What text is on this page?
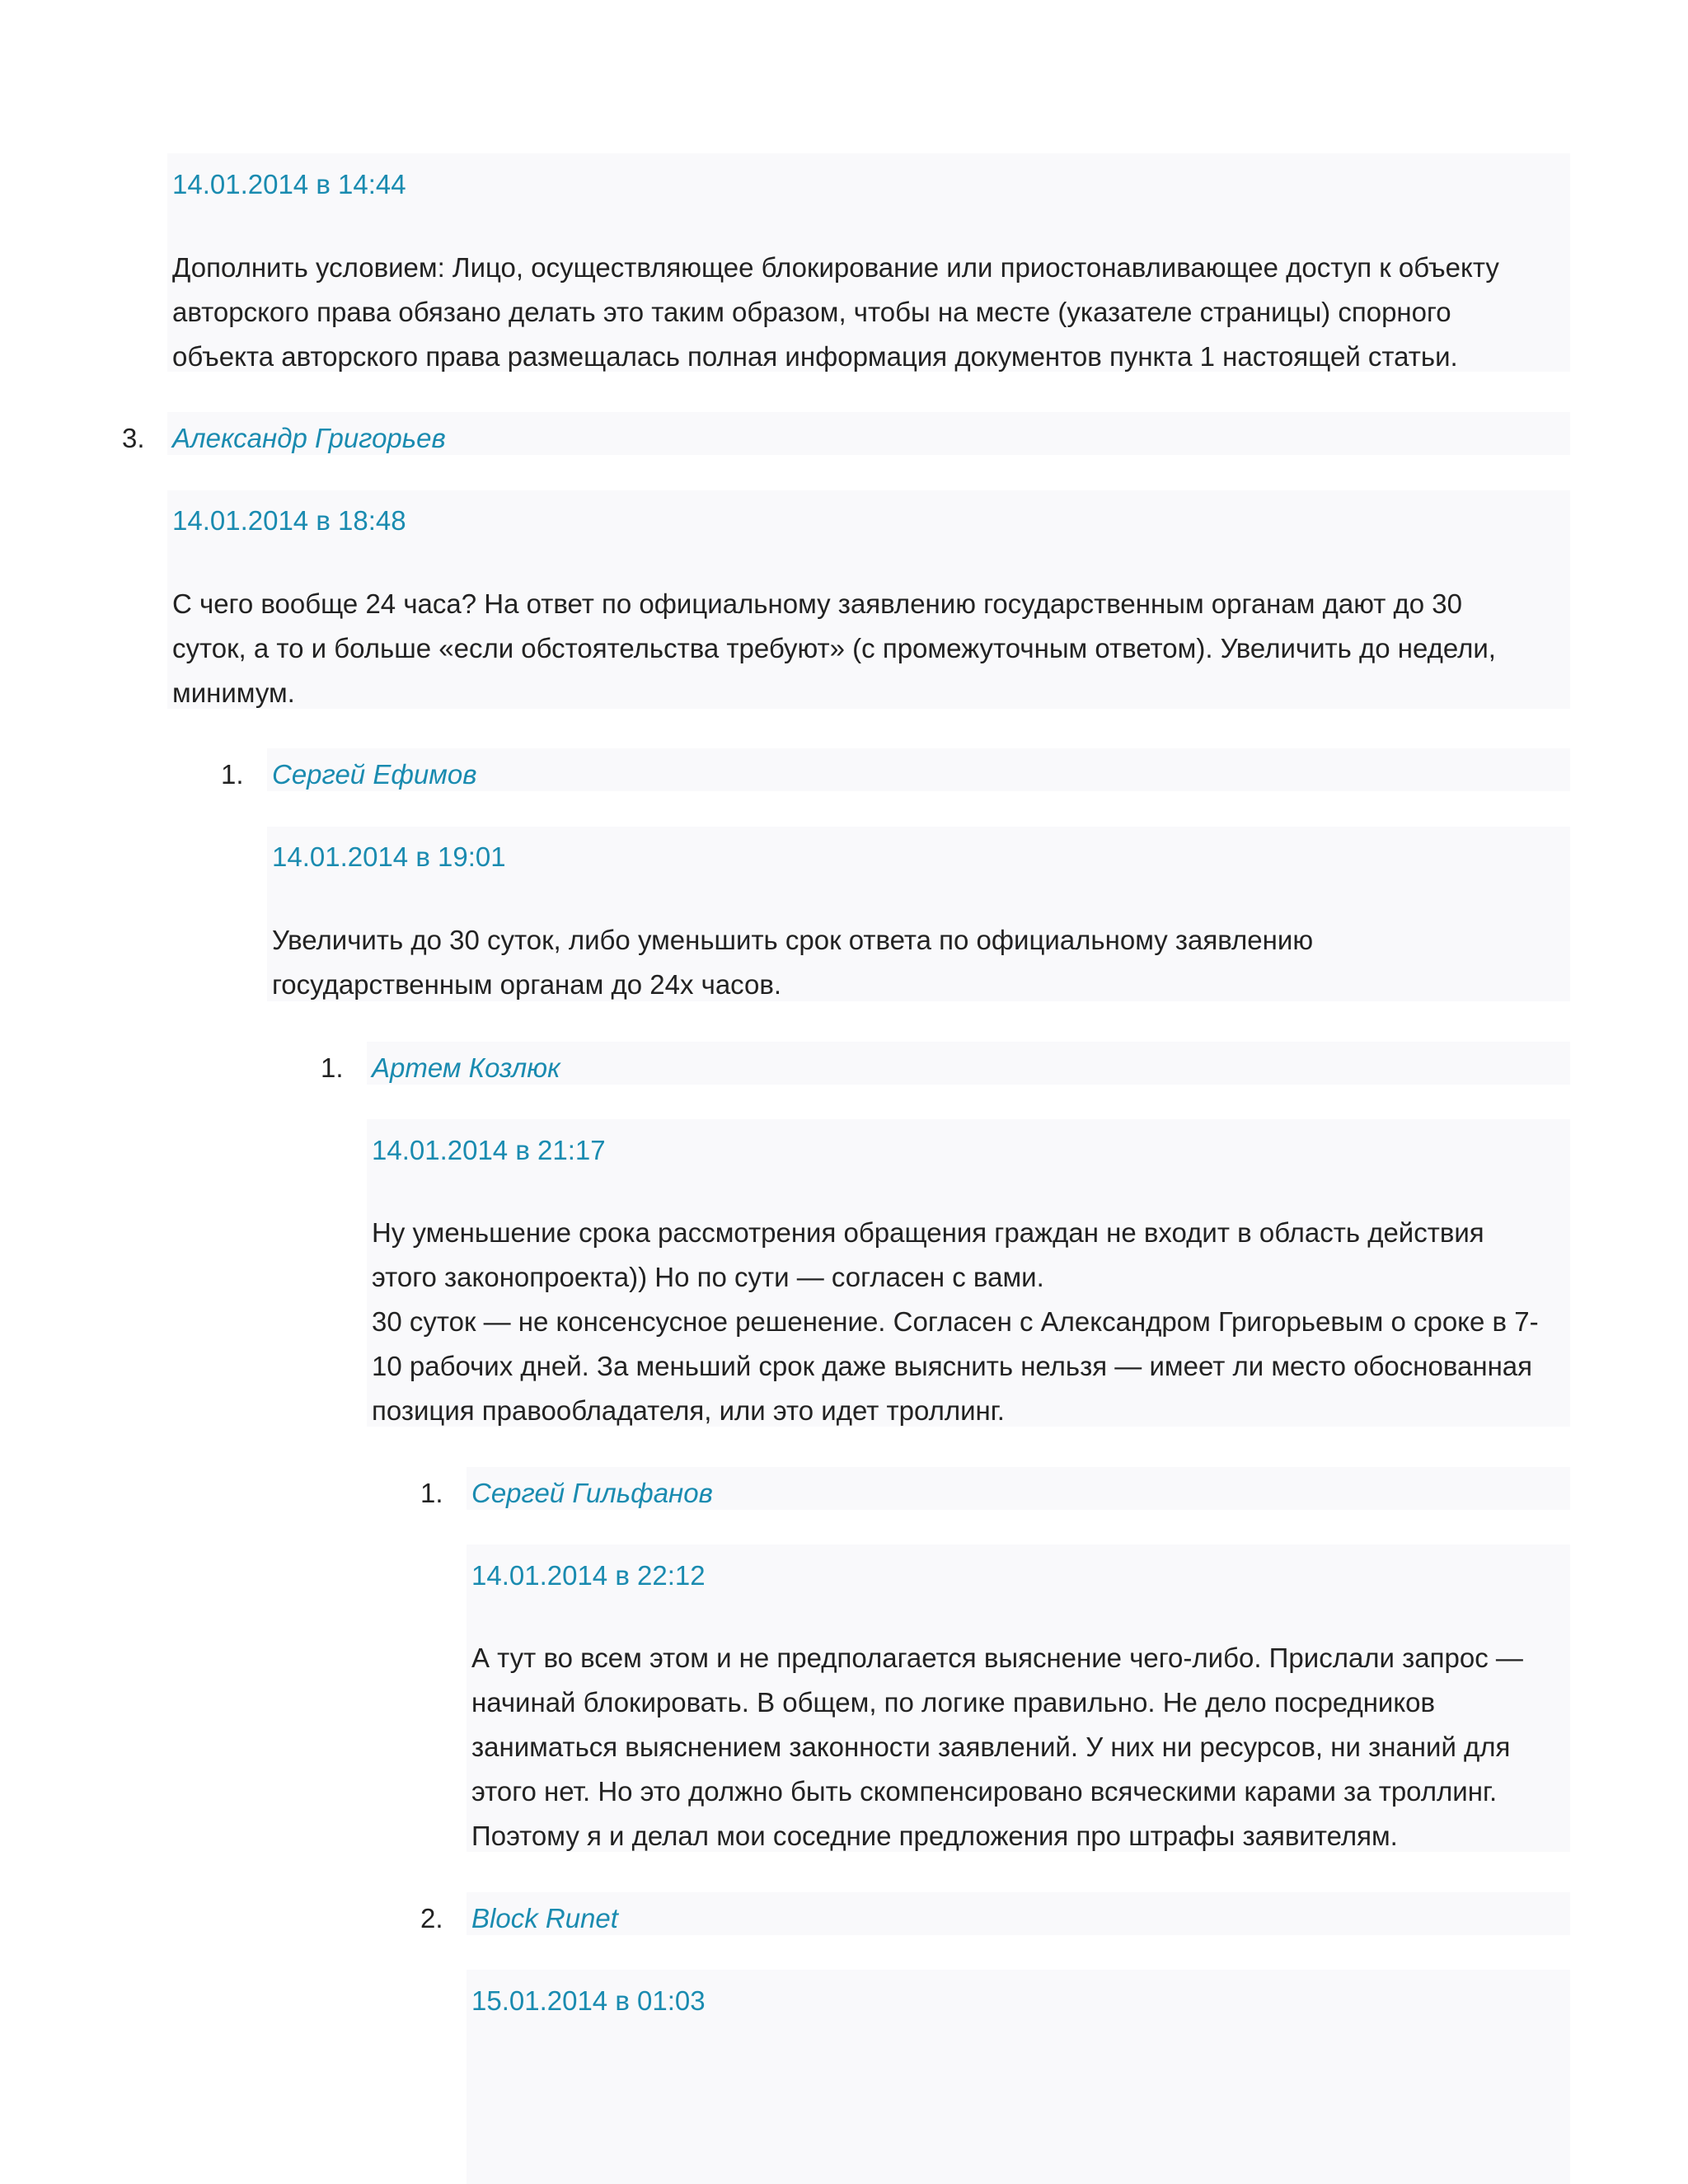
14.01.2014 в 14:44
Дополнить условием: Лицо, осуществляющее блокирование или приостонавливающее доступ к объекту
авторского права обязано делать это таким образом, чтобы на месте (указателе страницы) спорного
объекта авторского права размещалась полная информация документов пункта 1 настоящей статьи.
3. Александр Григорьев
14.01.2014 в 18:48
С чего вообще 24 часа? На ответ по официальному заявлению государственным органам дают до 30
суток, а то и больше «если обстоятельства требуют» (с промежуточным ответом). Увеличить до недели,
минимум.
1. Сергей Ефимов
14.01.2014 в 19:01
Увеличить до 30 суток, либо уменьшить срок ответа по официальному заявлению
государственным органам до 24х часов.
1. Артем Козлюк
14.01.2014 в 21:17
Ну уменьшение срока рассмотрения обращения граждан не входит в область действия
этого законопроекта)) Но по сути — согласен с вами.
30 суток — не консенсусное решенение. Согласен с Александром Григорьевым о сроке в 7-
10 рабочих дней. За меньший срок даже выяснить нельзя — имеет ли место обоснованная
позиция правообладателя, или это идет троллинг.
1. Сергей Гильфанов
14.01.2014 в 22:12
А тут во всем этом и не предполагается выяснение чего-либо. Прислали запрос —
начинай блокировать. В общем, по логике правильно. Не дело посредников
заниматься выяснением законности заявлений. У них ни ресурсов, ни знаний для
этого нет. Но это должно быть скомпенсировано всяческими карами за троллинг.
Поэтому я и делал мои соседние предложения про штрафы заявителям.
2. Block Runet
15.01.2014 в 01:03
